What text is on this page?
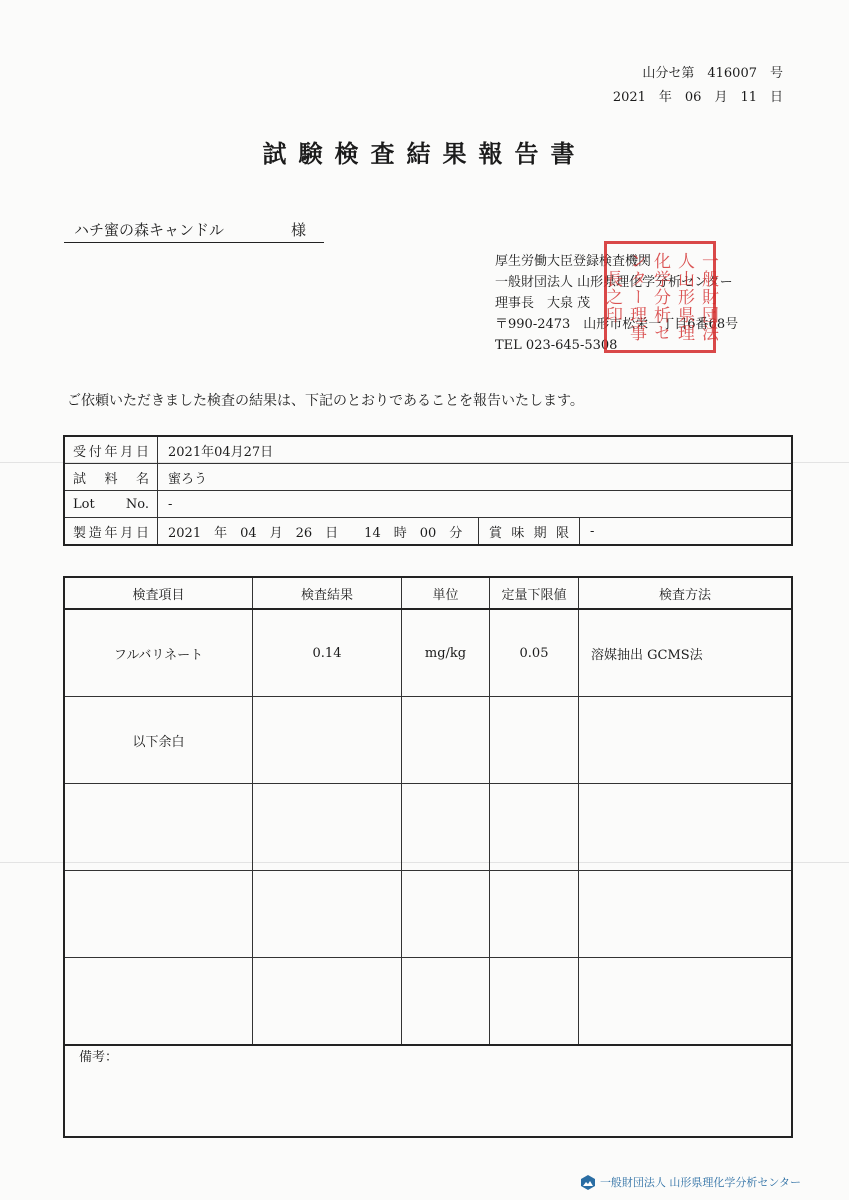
山分セ第　416007　号
2021　年　06　月　11　日
試験検査結果報告書
ハチ蜜の森キャンドル	様
厚生労働大臣登録検査機関
一般財団法人 山形県理化学分析センター
理事長　大泉 茂
〒990-2473　山形市松栄一丁目6番68号
TEL 023-645-5308
一般財団法人山形県理化学分析センター理事長之印
ご依頼いただきました検査の結果は、下記のとおりであることを報告いたします。
受付年月日	2021年04月27日		
試料名	蜜ろう		
Lot No.	-		
製造年月日	2021　年　04　月　26　日　　14　時　00　分	賞味期限	-
検査項目	検査結果	単位	定量下限値	検査方法
フルバリネート	0.14	mg/kg	0.05	溶媒抽出 GCMS法
以下余白				

備考：
一般財団法人 山形県理化学分析センター
